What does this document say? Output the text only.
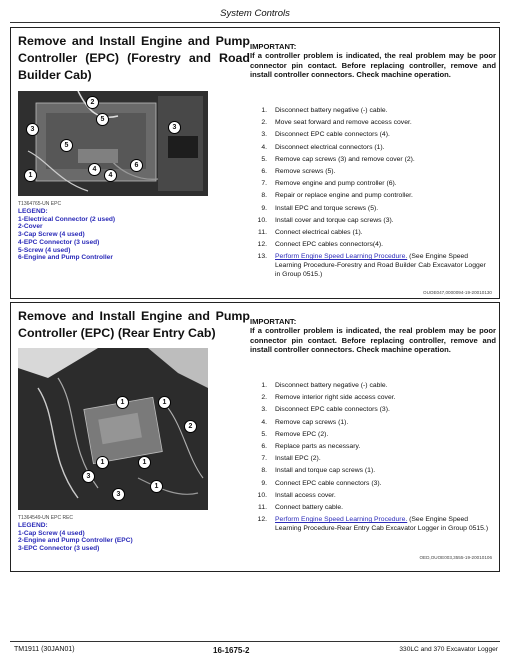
System Controls
Remove and Install Engine and Pump Controller (EPC) (Forestry and Road Builder Cab)
IMPORTANT:
If a controller problem is indicated, the real problem may be poor connector pin contact. Before replacing controller, remove and install controller connectors. Check machine operation.
2
3
5
5
3
1
4
4
6
T1364765-UN EPC
LEGEND:
1-Electrical Connector (2 used)
2-Cover
3-Cap Screw (4 used)
4-EPC Connector (3 used)
5-Screw (4 used)
6-Engine and Pump Controller
1. Disconnect battery negative (-) cable.
2. Move seat forward and remove access cover.
3. Disconnect EPC cable connectors (4).
4. Disconnect electrical connectors (1).
5. Remove cap screws (3) and remove cover (2).
6. Remove screws (5).
7. Remove engine and pump controller (6).
8. Repair or replace engine and pump controller.
9. Install EPC and torque screws (5).
10. Install cover and torque cap screws (3).
11. Connect electrical cables (1).
12. Connect EPC cables connectors(4).
13. Perform Engine Speed Learning Procedure. (See Engine Speed Learning Procedure-Forestry and Road Builder Cab Excavator Logger in Group 0515.)
OUOE047,0000094-19-20010130
Remove and Install Engine and Pump Controller (EPC) (Rear Entry Cab)
IMPORTANT:
If a controller problem is indicated, the real problem may be poor connector pin contact. Before replacing controller, remove and install controller connectors. Check machine operation.
1	1
2
1
3
1
3
1
T1364549-UN EPC REC
LEGEND:
1-Cap Screw (4 used)
2-Engine and Pump Controller (EPC)
3-EPC Connector (3 used)
1. Disconnect battery negative (-) cable.
2. Remove interior right side access cover.
3. Disconnect EPC cable connectors (3).
4. Remove cap screws (1).
5. Remove EPC (2).
6. Replace parts as necessary.
7. Install EPC (2).
8. Install and torque cap screws (1).
9. Connect EPC cable connectors (3).
10. Install access cover.
11. Connect battery cable.
12. Perform Engine Speed Learning Procedure. (See Engine Speed Learning Procedure-Rear Entry Cab Excavator Logger in Group 0515.)
OED,OUOE003,3555-19-20010106
TM1911 (30JAN01)	16-1675-2	330LC and 370 Excavator Logger
